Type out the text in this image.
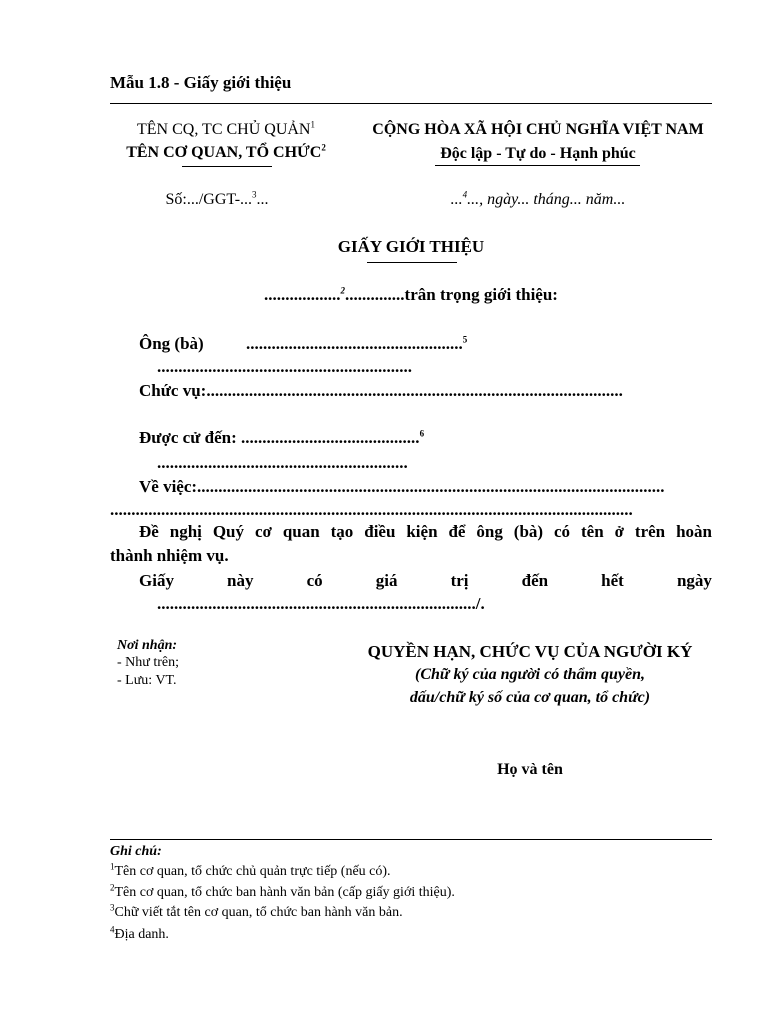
Mẫu 1.8 - Giấy giới thiệu
TÊN CQ, TC CHỦ QUẢN$^1$
TÊN CƠ QUAN, TỔ CHỨC$^2$
Số:.../GGT-...$^3$...
CỘNG HÒA XÃ HỘI CHỦ NGHĨA VIỆT NAM
Độc lập - Tự do - Hạnh phúc
...$^4$..., ngày... tháng... năm...
GIẤY GIỚI THIỆU
..................$^2$..............trân trọng giới thiệu:
Ông (bà) ...................................................$^5$
............................................................
Chức vụ:..................................................................................................
Được cử đến: ..........................................$^6$
...........................................................
Về việc:..............................................................................................................
...........................................................................................................................
Đề nghị Quý cơ quan tạo điều kiện để ông (bà) có tên ở trên hoàn
thành nhiệm vụ.
Giấy	này	có	giá	trị	đến	hết	ngày
.........................................................................../.
Nơi nhận:
- Như trên;
- Lưu: VT.
QUYỀN HẠN, CHỨC VỤ CỦA NGƯỜI KÝ
(Chữ ký của người có thẩm quyền,
dấu/chữ ký số của cơ quan, tổ chức)
Họ và tên
Ghi chú:
$^1$Tên cơ quan, tổ chức chủ quản trực tiếp (nếu có).
$^2$Tên cơ quan, tổ chức ban hành văn bản (cấp giấy giới thiệu).
$^3$Chữ viết tắt tên cơ quan, tổ chức ban hành văn bản.
$^4$Địa danh.
